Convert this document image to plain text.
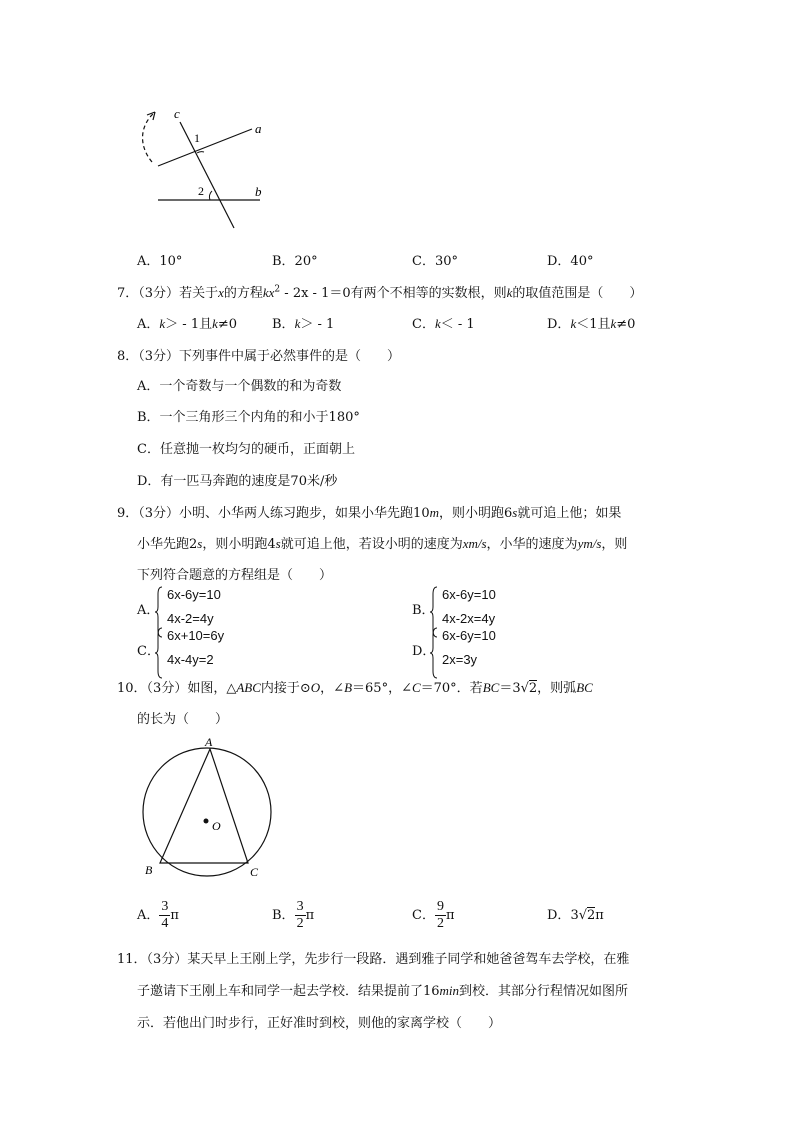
c
a
b
1
2
A．10°	B．20°	C．30°	D．40°
7．（3分）若关于x的方程$kx^2 - 2x - 1=0$有两个不相等的实数根，则k的取值范围是（　　）
A．k＞ - 1且k≠0	B．k＞ - 1	C．k＜ - 1	D．k＜1且k≠0
8．（3分）下列事件中属于必然事件的是（　　）
A．一个奇数与一个偶数的和为奇数
B．一个三角形三个内角的和小于180°
C．任意抛一枚均匀的硬币，正面朝上
D．有一匹马奔跑的速度是70米/秒
9．（3分）小明、小华两人练习跑步，如果小华先跑10m，则小明跑6s就可追上他；如果
小华先跑2s，则小明跑4s就可追上他，若设小明的速度为xm/s，小华的速度为ym/s，则
下列符合题意的方程组是（　　）
A．
6x-6y=10
4x-2=4y
B．
6x-6y=10
4x-2x=4y
C．
6x+10=6y
4x-4y=2
D．
6x-6y=10
2x=3y
10．（3分）如图，△ABC内接于⊙O，∠B＝65°，∠C＝70°．若BC＝3√2，则弧BC
的长为（　　）
A
B	C
O
A． $\frac{3}{4}$ π	B． $\frac{3}{2}$ π	C． $\frac{9}{2}$ π	D．3√2π
11．（3分）某天早上王刚上学，先步行一段路．遇到雅子同学和她爸爸驾车去学校，在雅
子邀请下王刚上车和同学一起去学校．结果提前了16min到校．其部分行程情况如图所
示．若他出门时步行，正好准时到校，则他的家离学校（　　）
